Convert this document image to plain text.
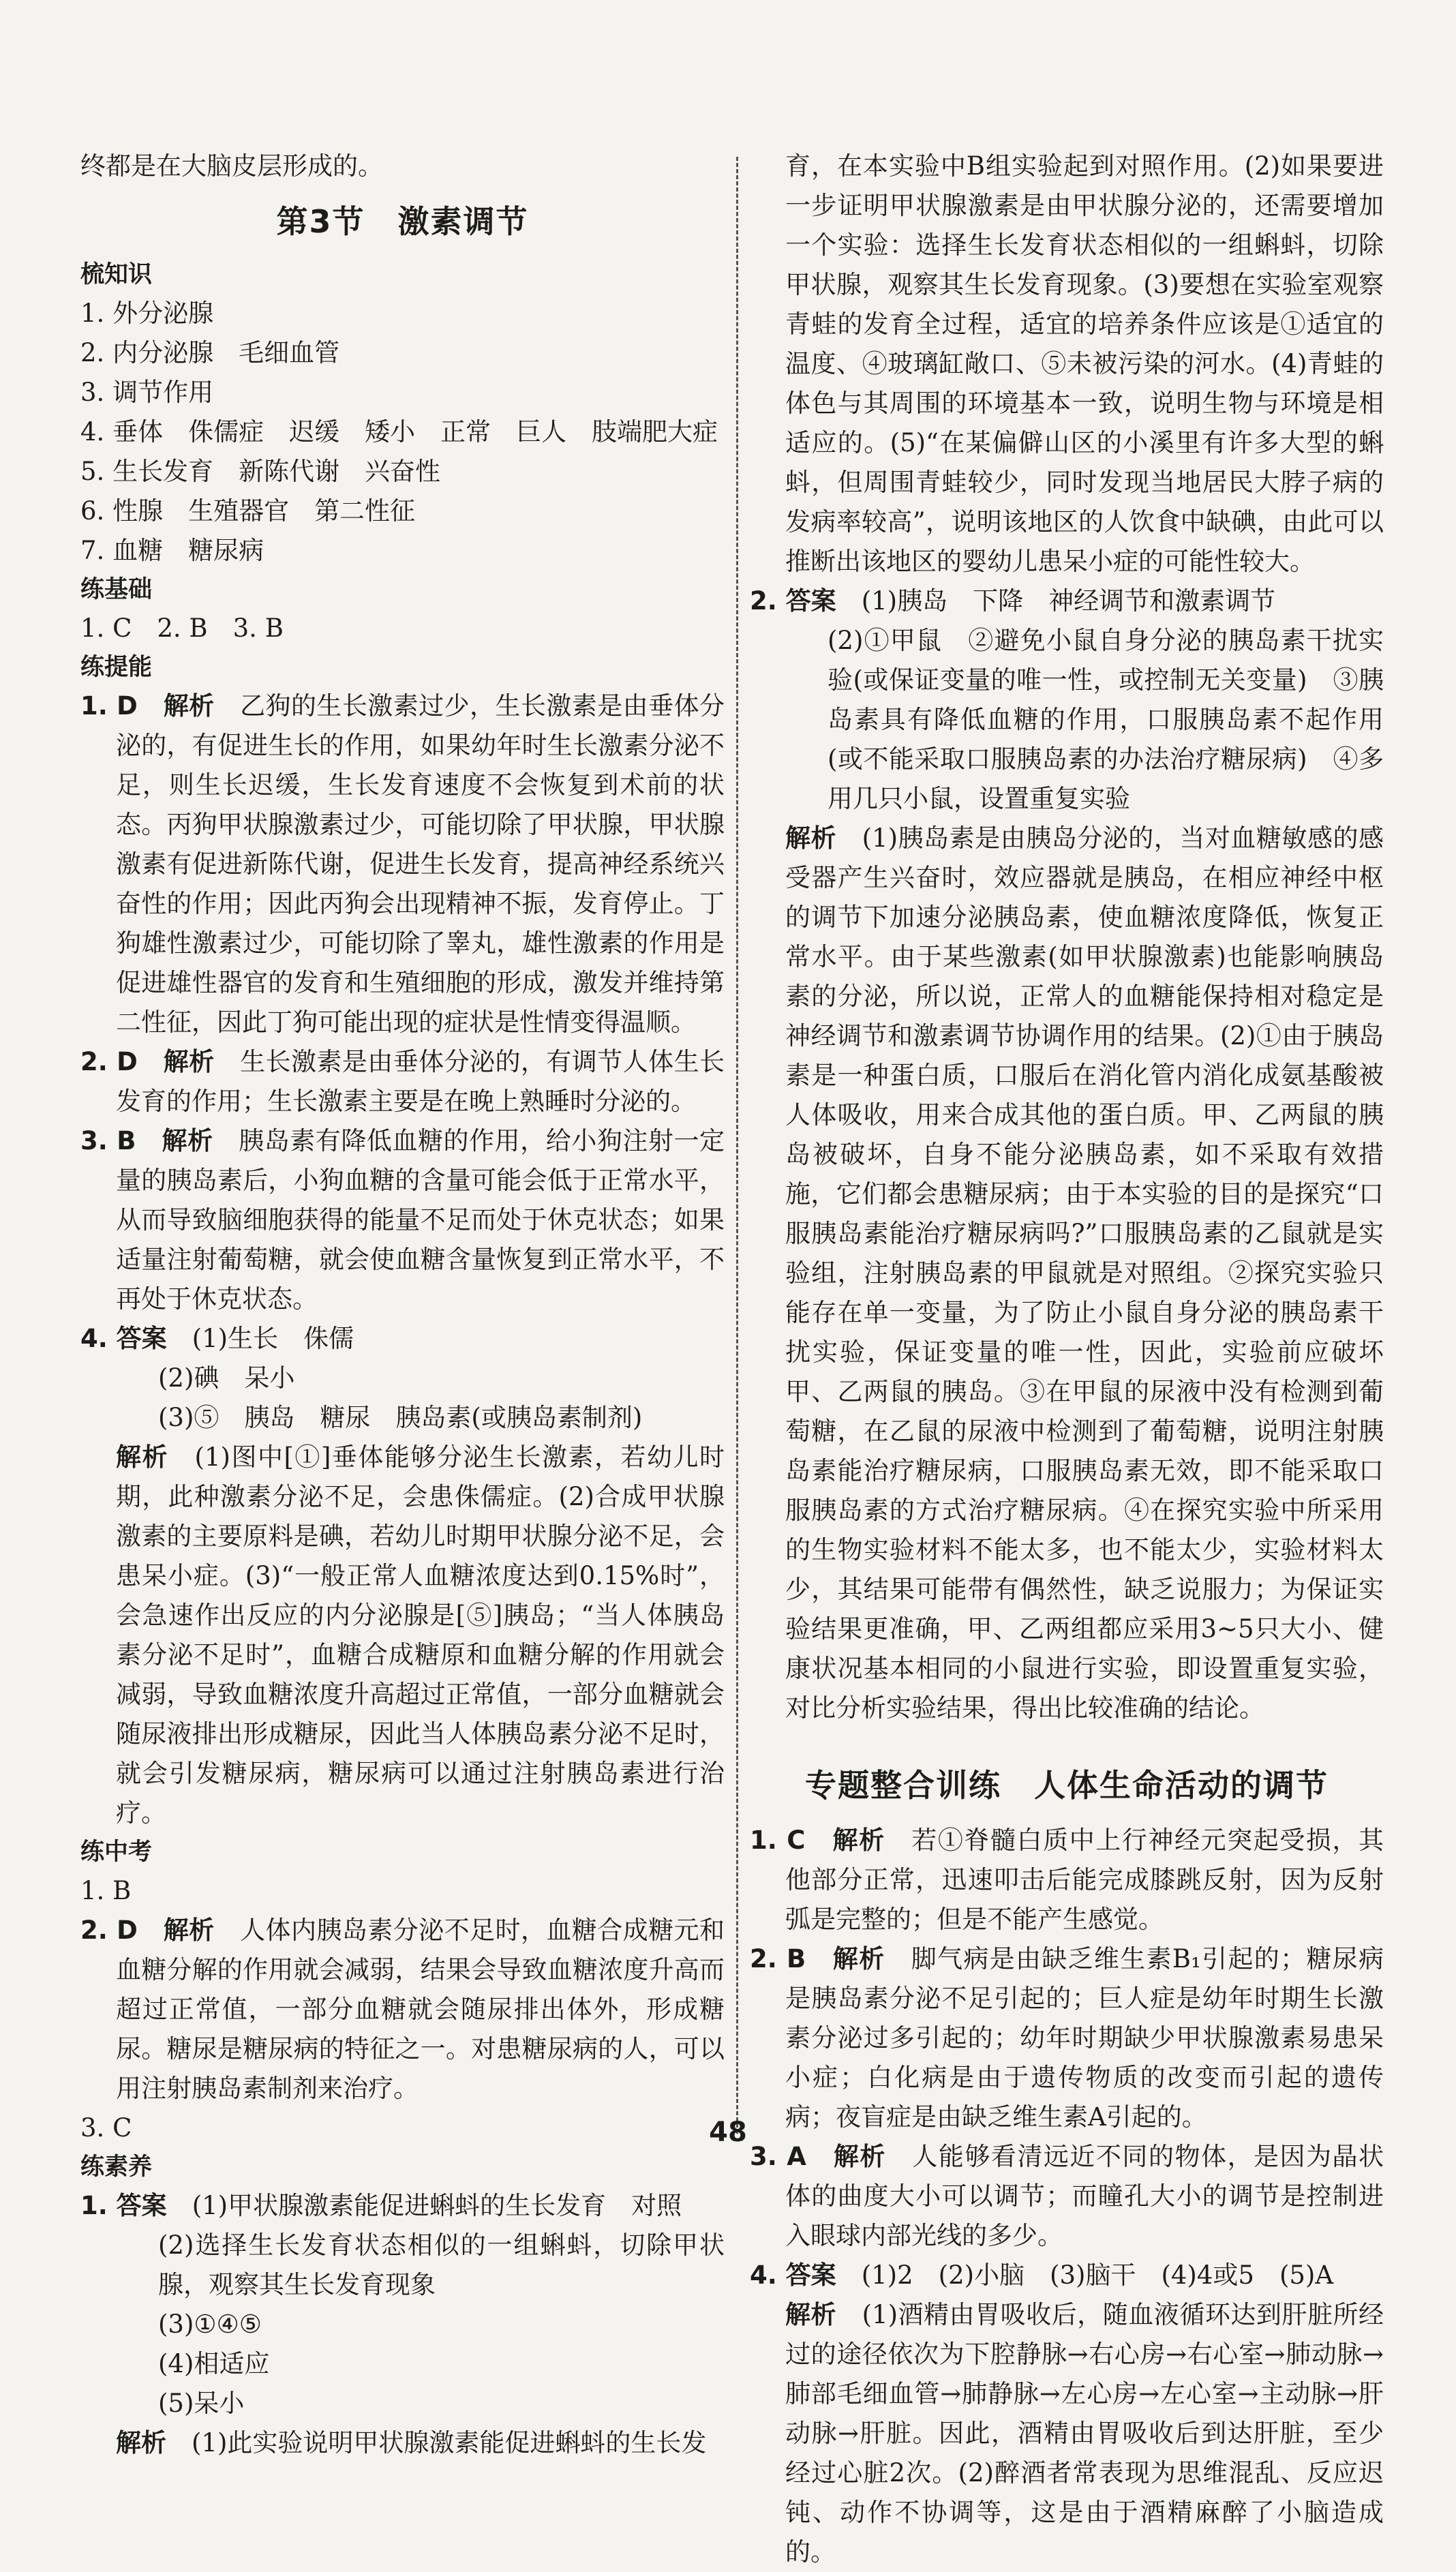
终都是在大脑皮层形成的。

第3节　激素调节
梳知识

1. 外分泌腺

2. 内分泌腺　毛细血管

3. 调节作用

4. 垂体　侏儒症　迟缓　矮小　正常　巨人　肢端肥大症

5. 生长发育　新陈代谢　兴奋性

6. 性腺　生殖器官　第二性征

7. 血糖　糖尿病

练基础

1. C　2. B　3. B

练提能

1. D　解析　 乙狗的生长激素过少，生长激素是由垂体分泌的，有促进生长的作用，如果幼年时生长激素分泌不足，则生长迟缓，生长发育速度不会恢复到术前的状态。丙狗甲状腺激素过少，可能切除了甲状腺，甲状腺激素有促进新陈代谢，促进生长发育，提高神经系统兴奋性的作用；因此丙狗会出现精神不振，发育停止。丁狗雄性激素过少，可能切除了睾丸，雄性激素的作用是促进雄性器官的发育和生殖细胞的形成，激发并维持第二性征，因此丁狗可能出现的症状是性情变得温顺。

2. D　解析　 生长激素是由垂体分泌的，有调节人体生长发育的作用；生长激素主要是在晚上熟睡时分泌的。

3. B　解析　 胰岛素有降低血糖的作用，给小狗注射一定量的胰岛素后，小狗血糖的含量可能会低于正常水平，从而导致脑细胞获得的能量不足而处于休克状态；如果适量注射葡萄糖，就会使血糖含量恢复到正常水平，不再处于休克状态。

4. 答案　 (1)生长　侏儒

(2)碘　呆小

(3)⑤　胰岛　糖尿　胰岛素(或胰岛素制剂)

解析　 (1)图中[①]垂体能够分泌生长激素，若幼儿时期，此种激素分泌不足，会患侏儒症。(2)合成甲状腺激素的主要原料是碘，若幼儿时期甲状腺分泌不足，会患呆小症。(3)“一般正常人血糖浓度达到0.15%时”，会急速作出反应的内分泌腺是[⑤]胰岛；“当人体胰岛素分泌不足时”，血糖合成糖原和血糖分解的作用就会减弱，导致血糖浓度升高超过正常值，一部分血糖就会随尿液排出形成糖尿，因此当人体胰岛素分泌不足时，就会引发糖尿病，糖尿病可以通过注射胰岛素进行治疗。

练中考

1. B

2. D　解析　 人体内胰岛素分泌不足时，血糖合成糖元和血糖分解的作用就会减弱，结果会导致血糖浓度升高而超过正常值，一部分血糖就会随尿排出体外，形成糖尿。糖尿是糖尿病的特征之一。对患糖尿病的人，可以用注射胰岛素制剂来治疗。

3. C

练素养

1. 答案　 (1)甲状腺激素能促进蝌蚪的生长发育　对照

(2)选择生长发育状态相似的一组蝌蚪，切除甲状腺，观察其生长发育现象

(3)①④⑤

(4)相适应

(5)呆小

解析　 (1)此实验说明甲状腺激素能促进蝌蚪的生长发

育，在本实验中B组实验起到对照作用。(2)如果要进一步证明甲状腺激素是由甲状腺分泌的，还需要增加一个实验：选择生长发育状态相似的一组蝌蚪，切除甲状腺，观察其生长发育现象。(3)要想在实验室观察青蛙的发育全过程，适宜的培养条件应该是①适宜的温度、④玻璃缸敞口、⑤未被污染的河水。(4)青蛙的体色与其周围的环境基本一致，说明生物与环境是相适应的。(5)“在某偏僻山区的小溪里有许多大型的蝌蚪，但周围青蛙较少，同时发现当地居民大脖子病的发病率较高”，说明该地区的人饮食中缺碘，由此可以推断出该地区的婴幼儿患呆小症的可能性较大。

2. 答案　 (1)胰岛　下降　神经调节和激素调节

(2)①甲鼠　②避免小鼠自身分泌的胰岛素干扰实验(或保证变量的唯一性，或控制无关变量)　③胰岛素具有降低血糖的作用，口服胰岛素不起作用(或不能采取口服胰岛素的办法治疗糖尿病)　④多用几只小鼠，设置重复实验

解析　 (1)胰岛素是由胰岛分泌的，当对血糖敏感的感受器产生兴奋时，效应器就是胰岛，在相应神经中枢的调节下加速分泌胰岛素，使血糖浓度降低，恢复正常水平。由于某些激素(如甲状腺激素)也能影响胰岛素的分泌，所以说，正常人的血糖能保持相对稳定是神经调节和激素调节协调作用的结果。(2)①由于胰岛素是一种蛋白质，口服后在消化管内消化成氨基酸被人体吸收，用来合成其他的蛋白质。甲、乙两鼠的胰岛被破坏，自身不能分泌胰岛素，如不采取有效措施，它们都会患糖尿病；由于本实验的目的是探究“口服胰岛素能治疗糖尿病吗?”口服胰岛素的乙鼠就是实验组，注射胰岛素的甲鼠就是对照组。②探究实验只能存在单一变量，为了防止小鼠自身分泌的胰岛素干扰实验，保证变量的唯一性，因此，实验前应破坏甲、乙两鼠的胰岛。③在甲鼠的尿液中没有检测到葡萄糖，在乙鼠的尿液中检测到了葡萄糖，说明注射胰岛素能治疗糖尿病，口服胰岛素无效，即不能采取口服胰岛素的方式治疗糖尿病。④在探究实验中所采用的生物实验材料不能太多，也不能太少，实验材料太少，其结果可能带有偶然性，缺乏说服力；为保证实验结果更准确，甲、乙两组都应采用3~5只大小、健康状况基本相同的小鼠进行实验，即设置重复实验，对比分析实验结果，得出比较准确的结论。

专题整合训练　人体生命活动的调节

1. C　解析　 若①脊髓白质中上行神经元突起受损，其他部分正常，迅速叩击后能完成膝跳反射，因为反射弧是完整的；但是不能产生感觉。

2. B　解析　 脚气病是由缺乏维生素B₁引起的；糖尿病是胰岛素分泌不足引起的；巨人症是幼年时期生长激素分泌过多引起的；幼年时期缺少甲状腺激素易患呆小症；白化病是由于遗传物质的改变而引起的遗传病；夜盲症是由缺乏维生素A引起的。

3. A　解析　 人能够看清远近不同的物体，是因为晶状体的曲度大小可以调节；而瞳孔大小的调节是控制进入眼球内部光线的多少。

4. 答案　 (1)2　(2)小脑　(3)脑干　(4)4或5　(5)A

解析　 (1)酒精由胃吸收后，随血液循环达到肝脏所经过的途径依次为下腔静脉→右心房→右心室→肺动脉→肺部毛细血管→肺静脉→左心房→左心室→主动脉→肝动脉→肝脏。因此，酒精由胃吸收后到达肝脏，至少经过心脏2次。(2)醉酒者常表现为思维混乱、反应迟钝、动作不协调等，这是由于酒精麻醉了小脑造成的。

48
